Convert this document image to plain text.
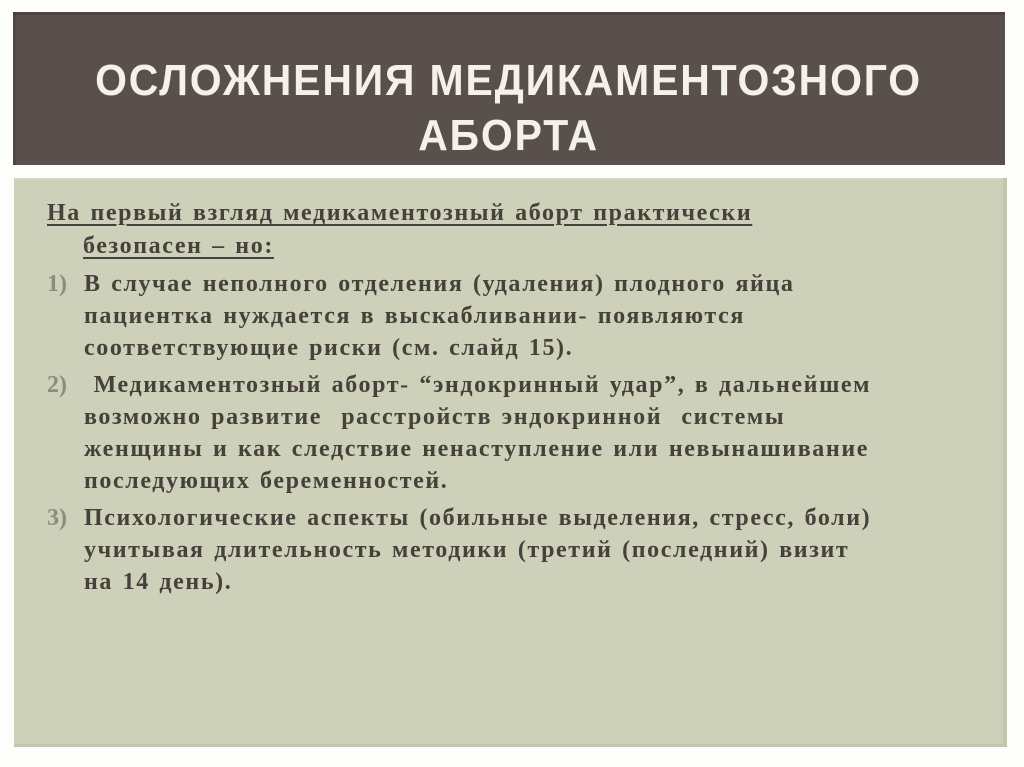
ОСЛОЖНЕНИЯ МЕДИКАМЕНТОЗНОГО
АБОРТА
На первый взгляд медикаментозный аборт практически
безопасен – но:
1) В случае неполного отделения (удаления) плодного яйца
пациентка нуждается в выскабливании- появляются
соответствующие риски (см. слайд 15).
2) Медикаментозный аборт- “эндокринный удар”, в дальнейшем
возможно развитие  расстройств эндокринной  системы
женщины и как следствие ненаступление или невынашивание
последующих беременностей.
3) Психологические аспекты (обильные выделения, стресс, боли)
учитывая длительность методики (третий (последний) визит
на 14 день).
